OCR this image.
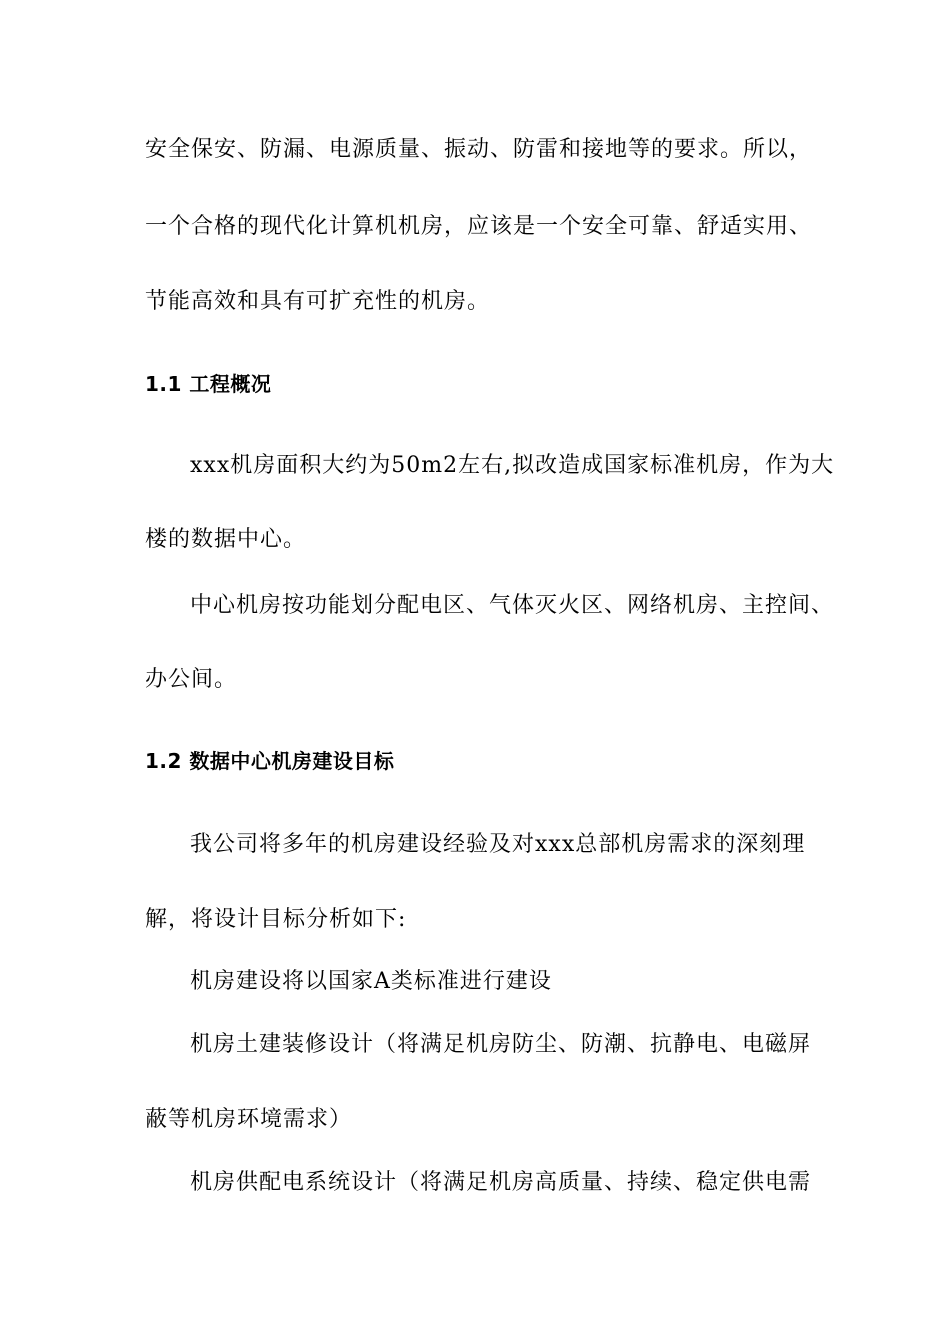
安全保安、防漏、电源质量、振动、防雷和接地等的要求。所以，
一个合格的现代化计算机机房，应该是一个安全可靠、舒适实用、
节能高效和具有可扩充性的机房。
1.1 工程概况
xxx机房面积大约为50m2左右,拟改造成国家标准机房，作为大
楼的数据中心。
中心机房按功能划分配电区、气体灭火区、网络机房、主控间、
办公间。
1.2 数据中心机房建设目标
我公司将多年的机房建设经验及对xxx总部机房需求的深刻理
解，将设计目标分析如下:
机房建设将以国家A类标准进行建设
机房土建装修设计（将满足机房防尘、防潮、抗静电、电磁屏
蔽等机房环境需求）
机房供配电系统设计（将满足机房高质量、持续、稳定供电需
